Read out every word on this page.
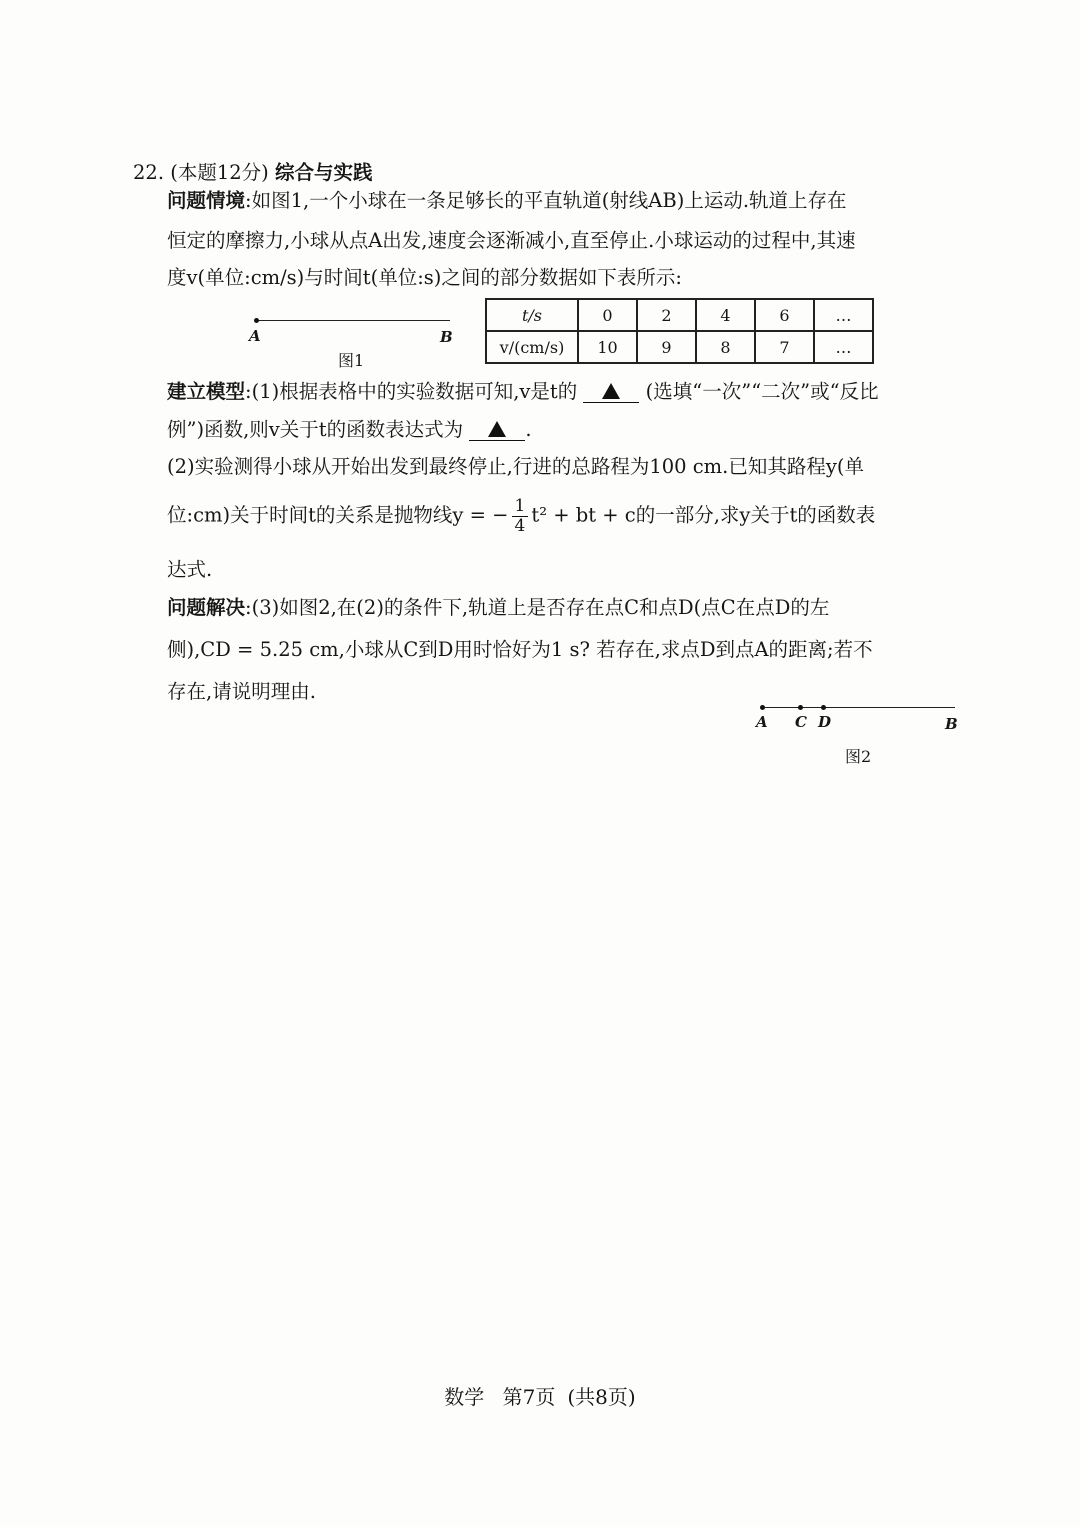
22. (本题12分) 综合与实践
问题情境:如图1,一个小球在一条足够长的平直轨道(射线AB)上运动.轨道上存在
恒定的摩擦力,小球从点A出发,速度会逐渐减小,直至停止.小球运动的过程中,其速
度v(单位:cm/s)与时间t(单位:s)之间的部分数据如下表所示:
A	B
图1
t/s	0	2	4	6	…
v/(cm/s)	10	9	8	7	…
建立模型:(1)根据表格中的实验数据可知,v是t的	(选填“一次”“二次”或“反比
例”)函数,则v关于t的函数表达式为	.
(2)实验测得小球从开始出发到最终停止,行进的总路程为100 cm.已知其路程y(单
位:cm)关于时间t的关系是抛物线y = − $\frac{1}{4} t^2$ + bt + c的一部分,求y关于t的函数表
达式.
问题解决:(3)如图2,在(2)的条件下,轨道上是否存在点C和点D(点C在点D的左
侧),CD = 5.25 cm,小球从C到D用时恰好为1 s? 若存在,求点D到点A的距离;若不
存在,请说明理由.
A C D	B
图2
数学 第7页 (共8页)
